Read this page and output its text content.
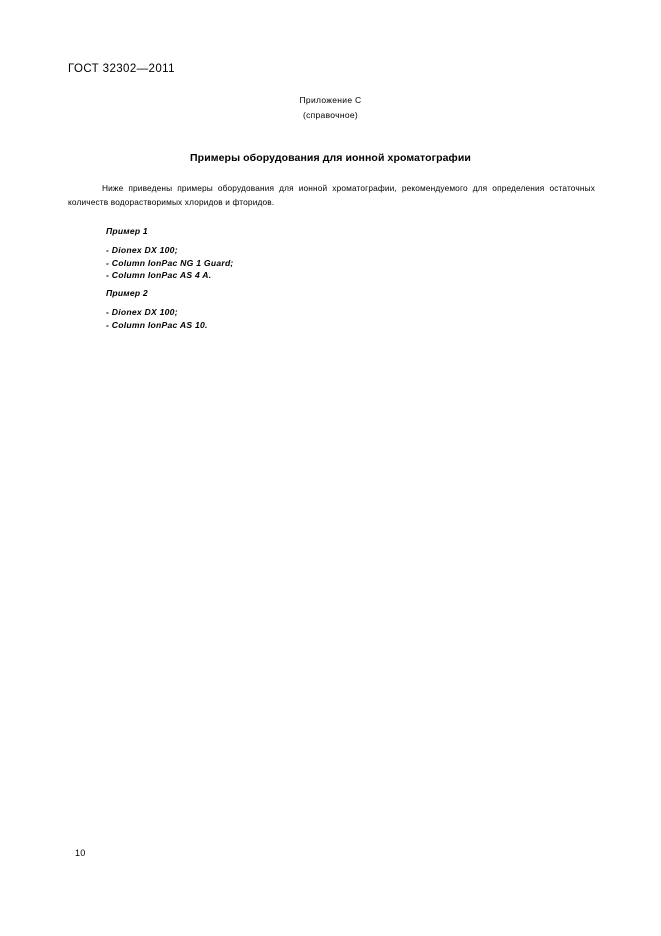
ГОСТ 32302—2011
Приложение С
(справочное)
Примеры оборудования для ионной хроматографии
Ниже приведены примеры оборудования для ионной хроматографии, рекомендуемого для определения остаточных количеств водорастворимых хлоридов и фторидов.
Пример 1
- Dionex DX 100;
- Column IonPac NG 1 Guard;
- Column IonPac AS 4 A.
Пример 2
- Dionex DX 100;
- Column IonPac AS 10.
10
